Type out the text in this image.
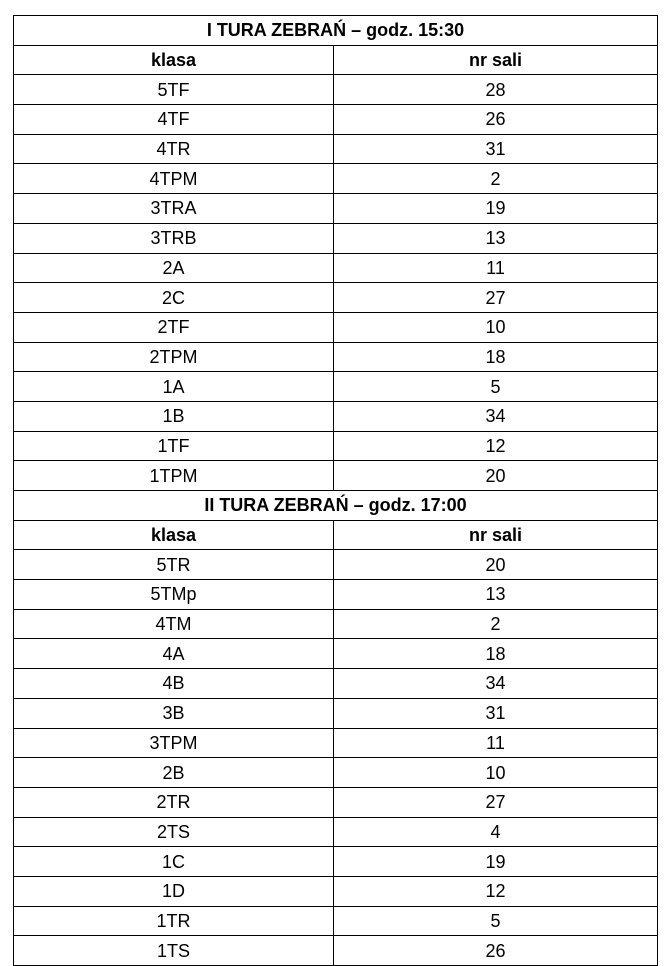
I TURA ZEBRAŃ – godz. 15:30	
klasa	nr sali
5TF	28
4TF	26
4TR	31
4TPM	2
3TRA	19
3TRB	13
2A	11
2C	27
2TF	10
2TPM	18
1A	5
1B	34
1TF	12
1TPM	20
II TURA ZEBRAŃ – godz. 17:00	
klasa	nr sali
5TR	20
5TMp	13
4TM	2
4A	18
4B	34
3B	31
3TPM	11
2B	10
2TR	27
2TS	4
1C	19
1D	12
1TR	5
1TS	26
